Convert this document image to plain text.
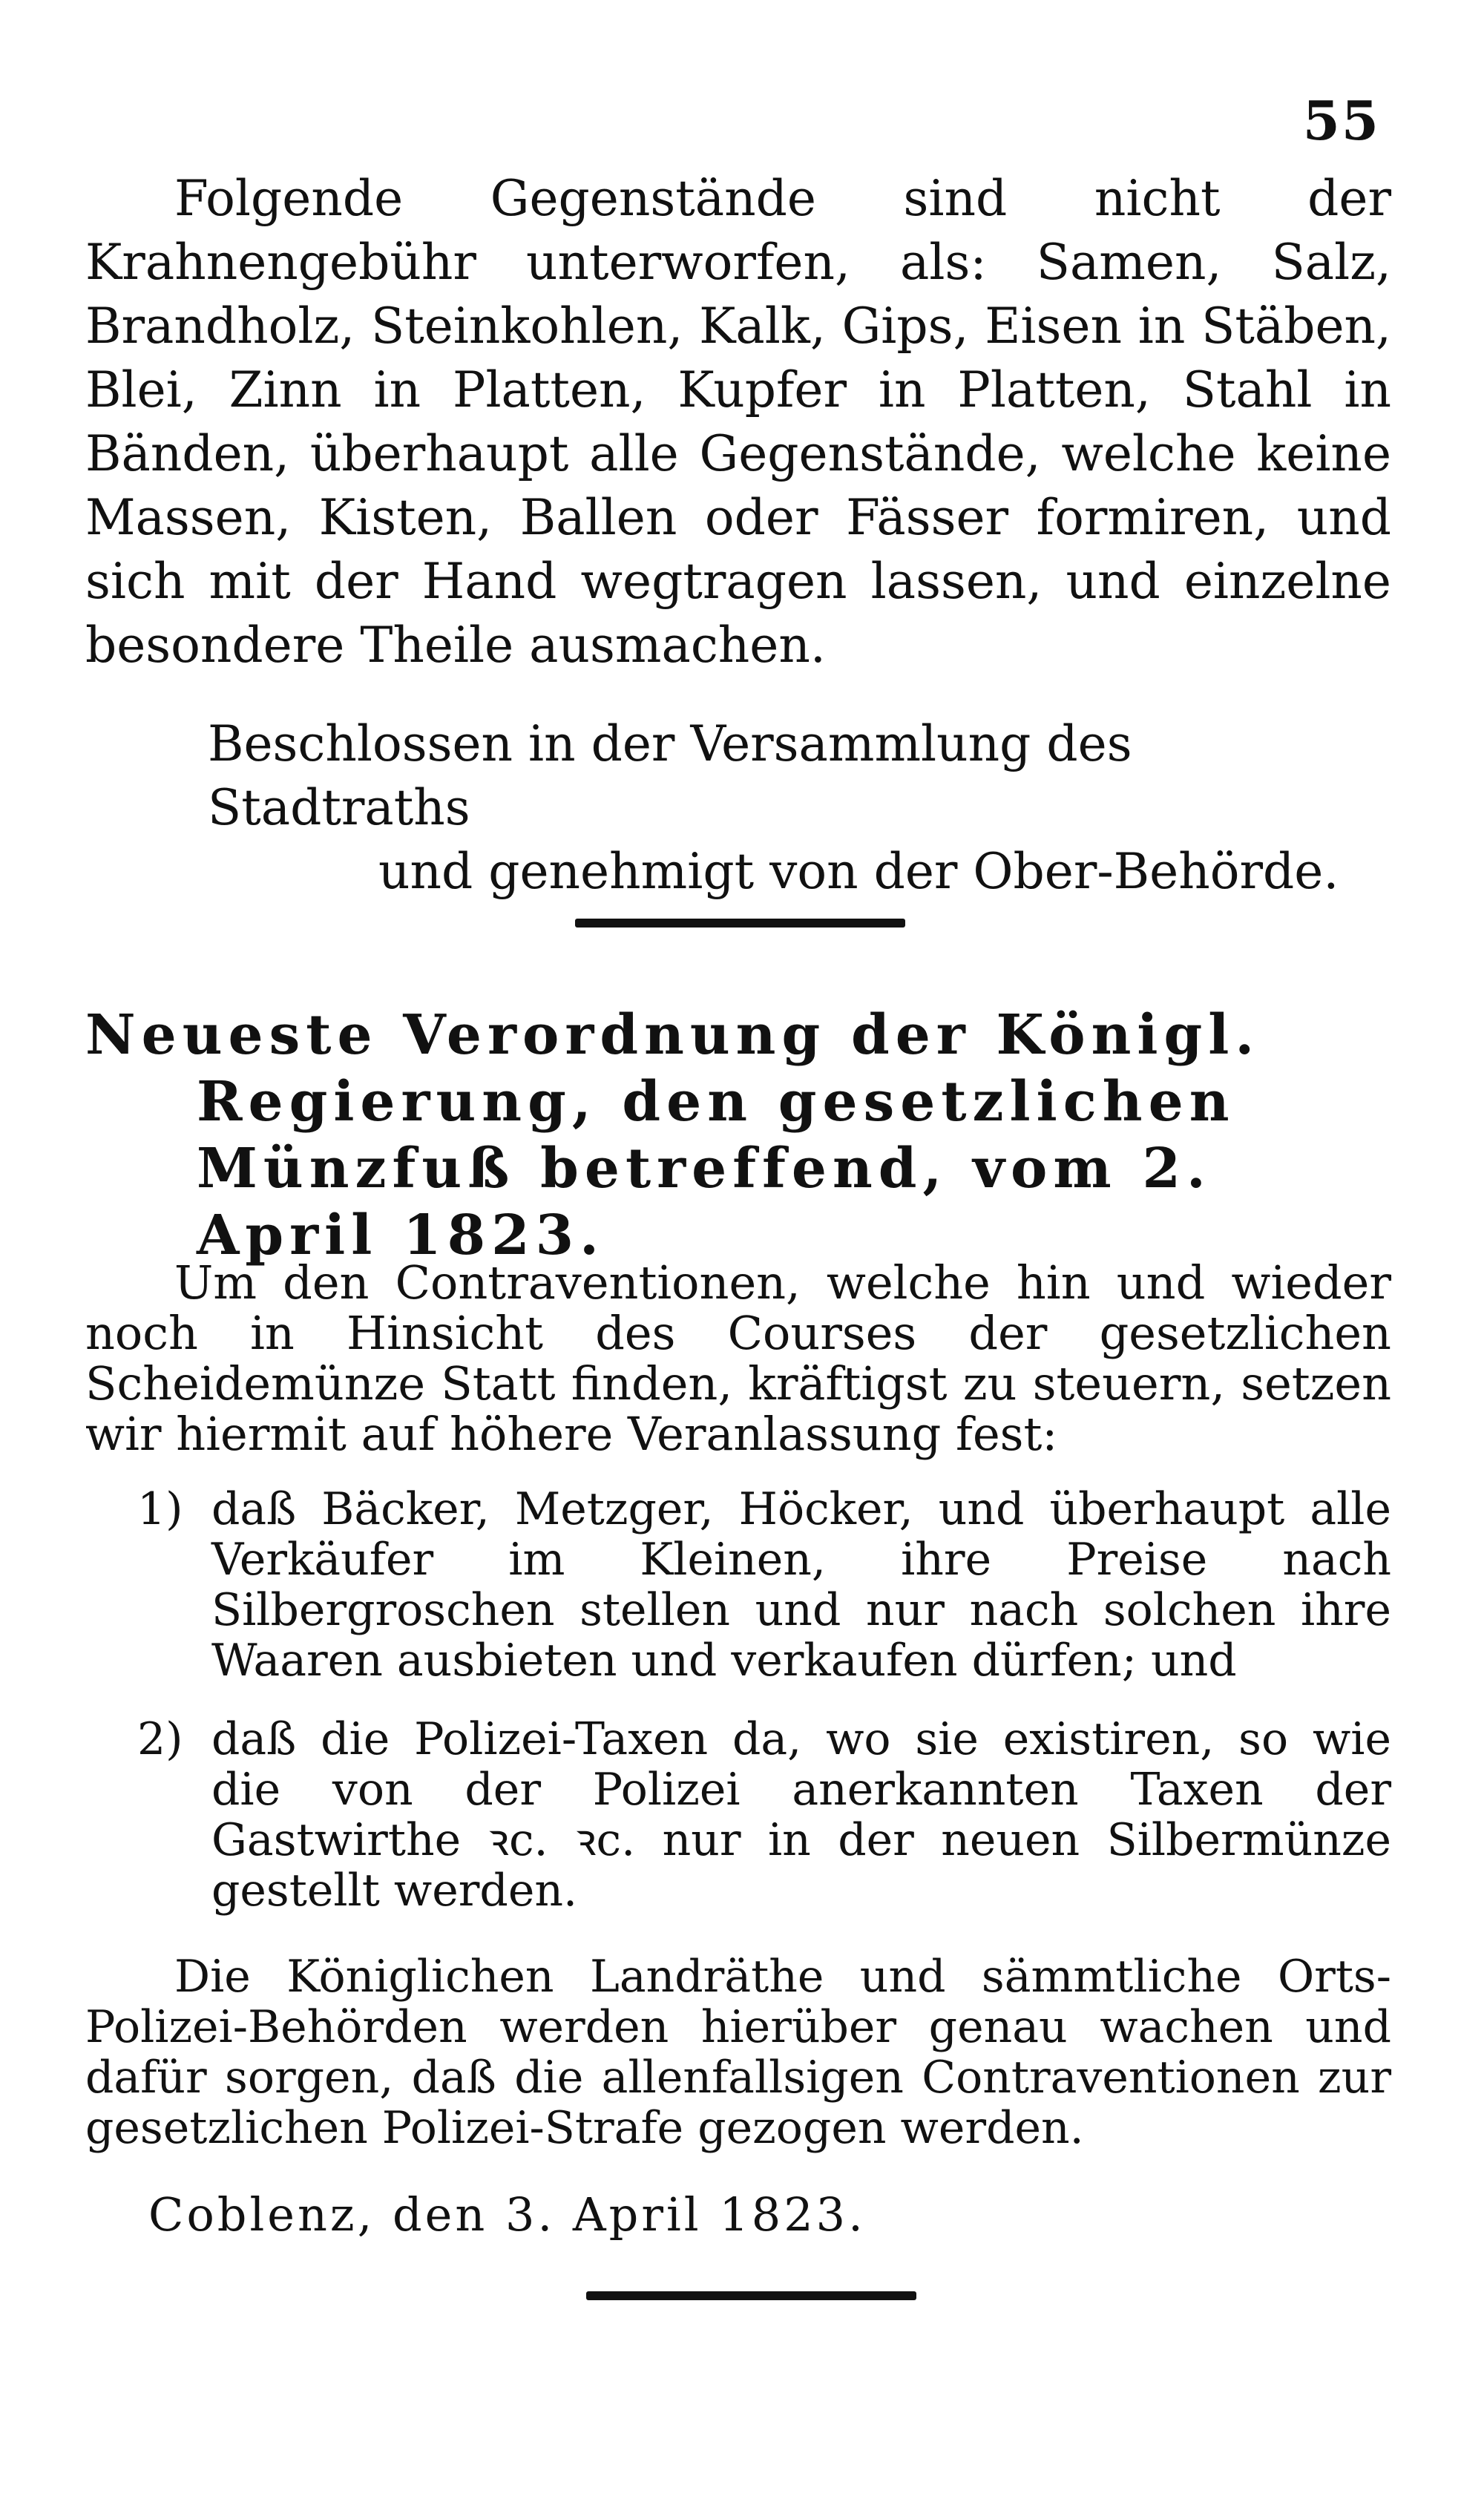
55

Folgende Gegenstände sind nicht der Krahnengebühr unterworfen, als: Samen, Salz, Brandholz, Steinkohlen, Kalk, Gips, Eisen in Stäben, Blei, Zinn in Platten, Kupfer in Platten, Stahl in Bänden, überhaupt alle Gegenstände, welche keine Massen, Kisten, Ballen oder Fässer formiren, und sich mit der Hand wegtragen lassen, und einzelne besondere Theile ausmachen.

Beschlossen in der Versammlung des Stadtraths
und genehmigt von der Ober-Behörde.
Neueste Verordnung der Königl. Regierung, den gesetzlichen Münzfuß betreffend, vom 2. April 1823.

Um den Contraventionen, welche hin und wieder noch in Hinsicht des Courses der gesetzlichen Scheidemünze Statt finden, kräftigst zu steuern, setzen wir hiermit auf höhere Veranlassung fest:

1) daß Bäcker, Metzger, Höcker, und überhaupt alle Verkäufer im Kleinen, ihre Preise nach Silbergroschen stellen und nur nach solchen ihre Waaren ausbieten und verkaufen dürfen; und
2) daß die Polizei-Taxen da, wo sie existiren, so wie die von der Polizei anerkannten Taxen der Gastwirthe ꝛc. ꝛc. nur in der neuen Silbermünze gestellt werden.

Die Königlichen Landräthe und sämmtliche Orts-Polizei-Behörden werden hierüber genau wachen und dafür sorgen, daß die allenfallsigen Contraventionen zur gesetzlichen Polizei-Strafe gezogen werden.

Coblenz, den 3. April 1823.
